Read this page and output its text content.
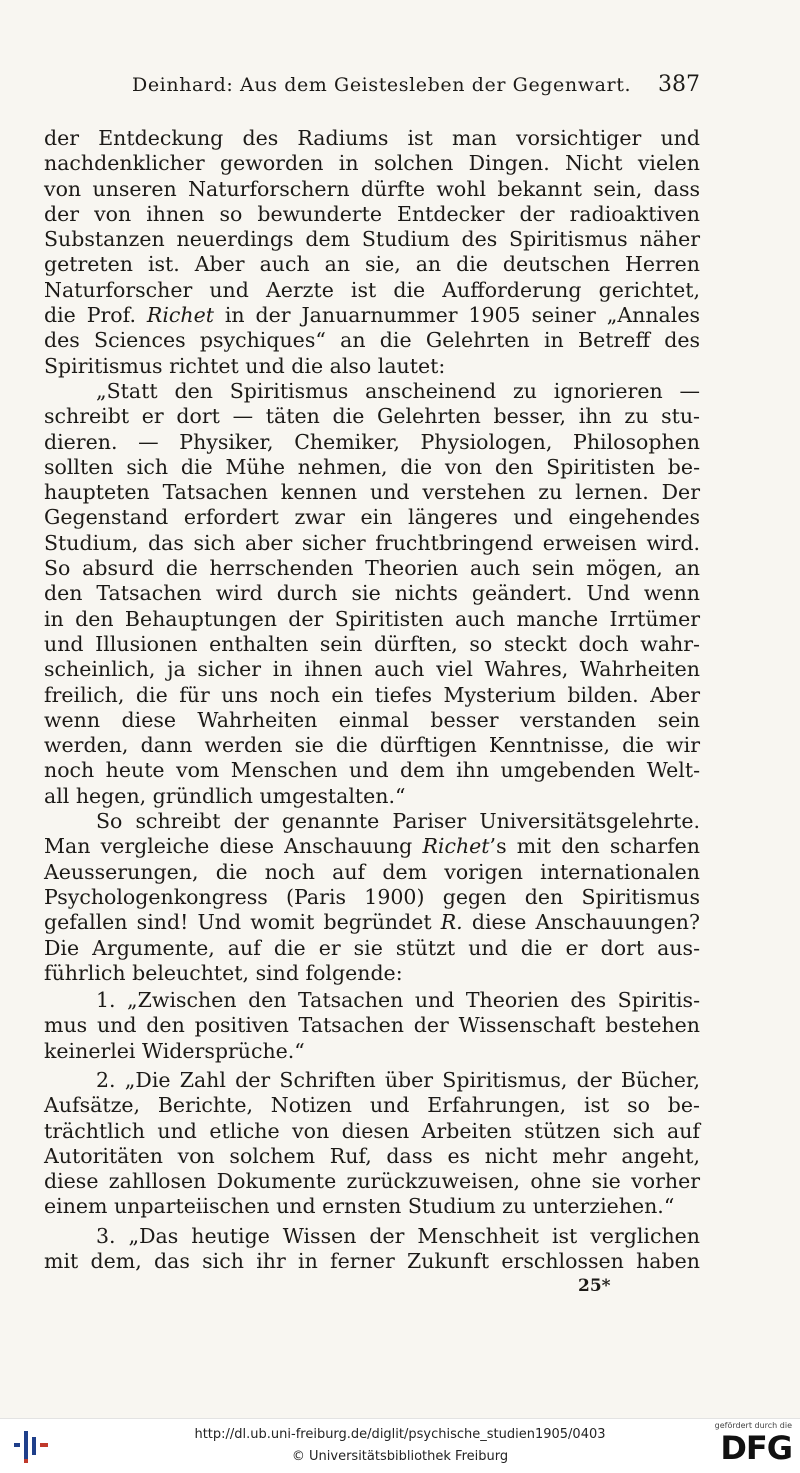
Deinhard: Aus dem Geistesleben der Gegenwart. 387

der Entdeckung des Radiums ist man vorsichtiger und
nachdenklicher geworden in solchen Dingen. Nicht vielen
von unseren Naturforschern dürfte wohl bekannt sein, dass
der von ihnen so bewunderte Entdecker der radioaktiven
Substanzen neuerdings dem Studium des Spiritismus näher
getreten ist. Aber auch an sie, an die deutschen Herren
Naturforscher und Aerzte ist die Aufforderung gerichtet,
die Prof. Richet in der Januarnummer 1905 seiner „Annales
des Sciences psychiques“ an die Gelehrten in Betreff des
Spiritismus richtet und die also lautet:

„Statt den Spiritismus anscheinend zu ignorieren —
schreibt er dort — täten die Gelehrten besser, ihn zu stu-
dieren. — Physiker, Chemiker, Physiologen, Philosophen
sollten sich die Mühe nehmen, die von den Spiritisten be-
haupteten Tatsachen kennen und verstehen zu lernen. Der
Gegenstand erfordert zwar ein längeres und eingehendes
Studium, das sich aber sicher fruchtbringend erweisen wird.
So absurd die herrschenden Theorien auch sein mögen, an
den Tatsachen wird durch sie nichts geändert. Und wenn
in den Behauptungen der Spiritisten auch manche Irrtümer
und Illusionen enthalten sein dürften, so steckt doch wahr-
scheinlich, ja sicher in ihnen auch viel Wahres, Wahrheiten
freilich, die für uns noch ein tiefes Mysterium bilden. Aber
wenn diese Wahrheiten einmal besser verstanden sein
werden, dann werden sie die dürftigen Kenntnisse, die wir
noch heute vom Menschen und dem ihn umgebenden Welt-
all hegen, gründlich umgestalten.“

So schreibt der genannte Pariser Universitätsgelehrte.
Man vergleiche diese Anschauung Richet’s mit den scharfen
Aeusserungen, die noch auf dem vorigen internationalen
Psychologenkongress (Paris 1900) gegen den Spiritismus
gefallen sind! Und womit begründet R. diese Anschauungen?
Die Argumente, auf die er sie stützt und die er dort aus-
führlich beleuchtet, sind folgende:

1. „Zwischen den Tatsachen und Theorien des Spiritis-
mus und den positiven Tatsachen der Wissenschaft bestehen
keinerlei Widersprüche.“

2. „Die Zahl der Schriften über Spiritismus, der Bücher,
Aufsätze, Berichte, Notizen und Erfahrungen, ist so be-
trächtlich und etliche von diesen Arbeiten stützen sich auf
Autoritäten von solchem Ruf, dass es nicht mehr angeht,
diese zahllosen Dokumente zurückzuweisen, ohne sie vorher
einem unparteiischen und ernsten Studium zu unterziehen.“

3. „Das heutige Wissen der Menschheit ist verglichen
mit dem, das sich ihr in ferner Zukunft erschlossen haben

25*
http://dl.ub.uni-freiburg.de/diglit/psychische_studien1905/0403
© Universitätsbibliothek Freiburg
gefördert durch die
DFG
